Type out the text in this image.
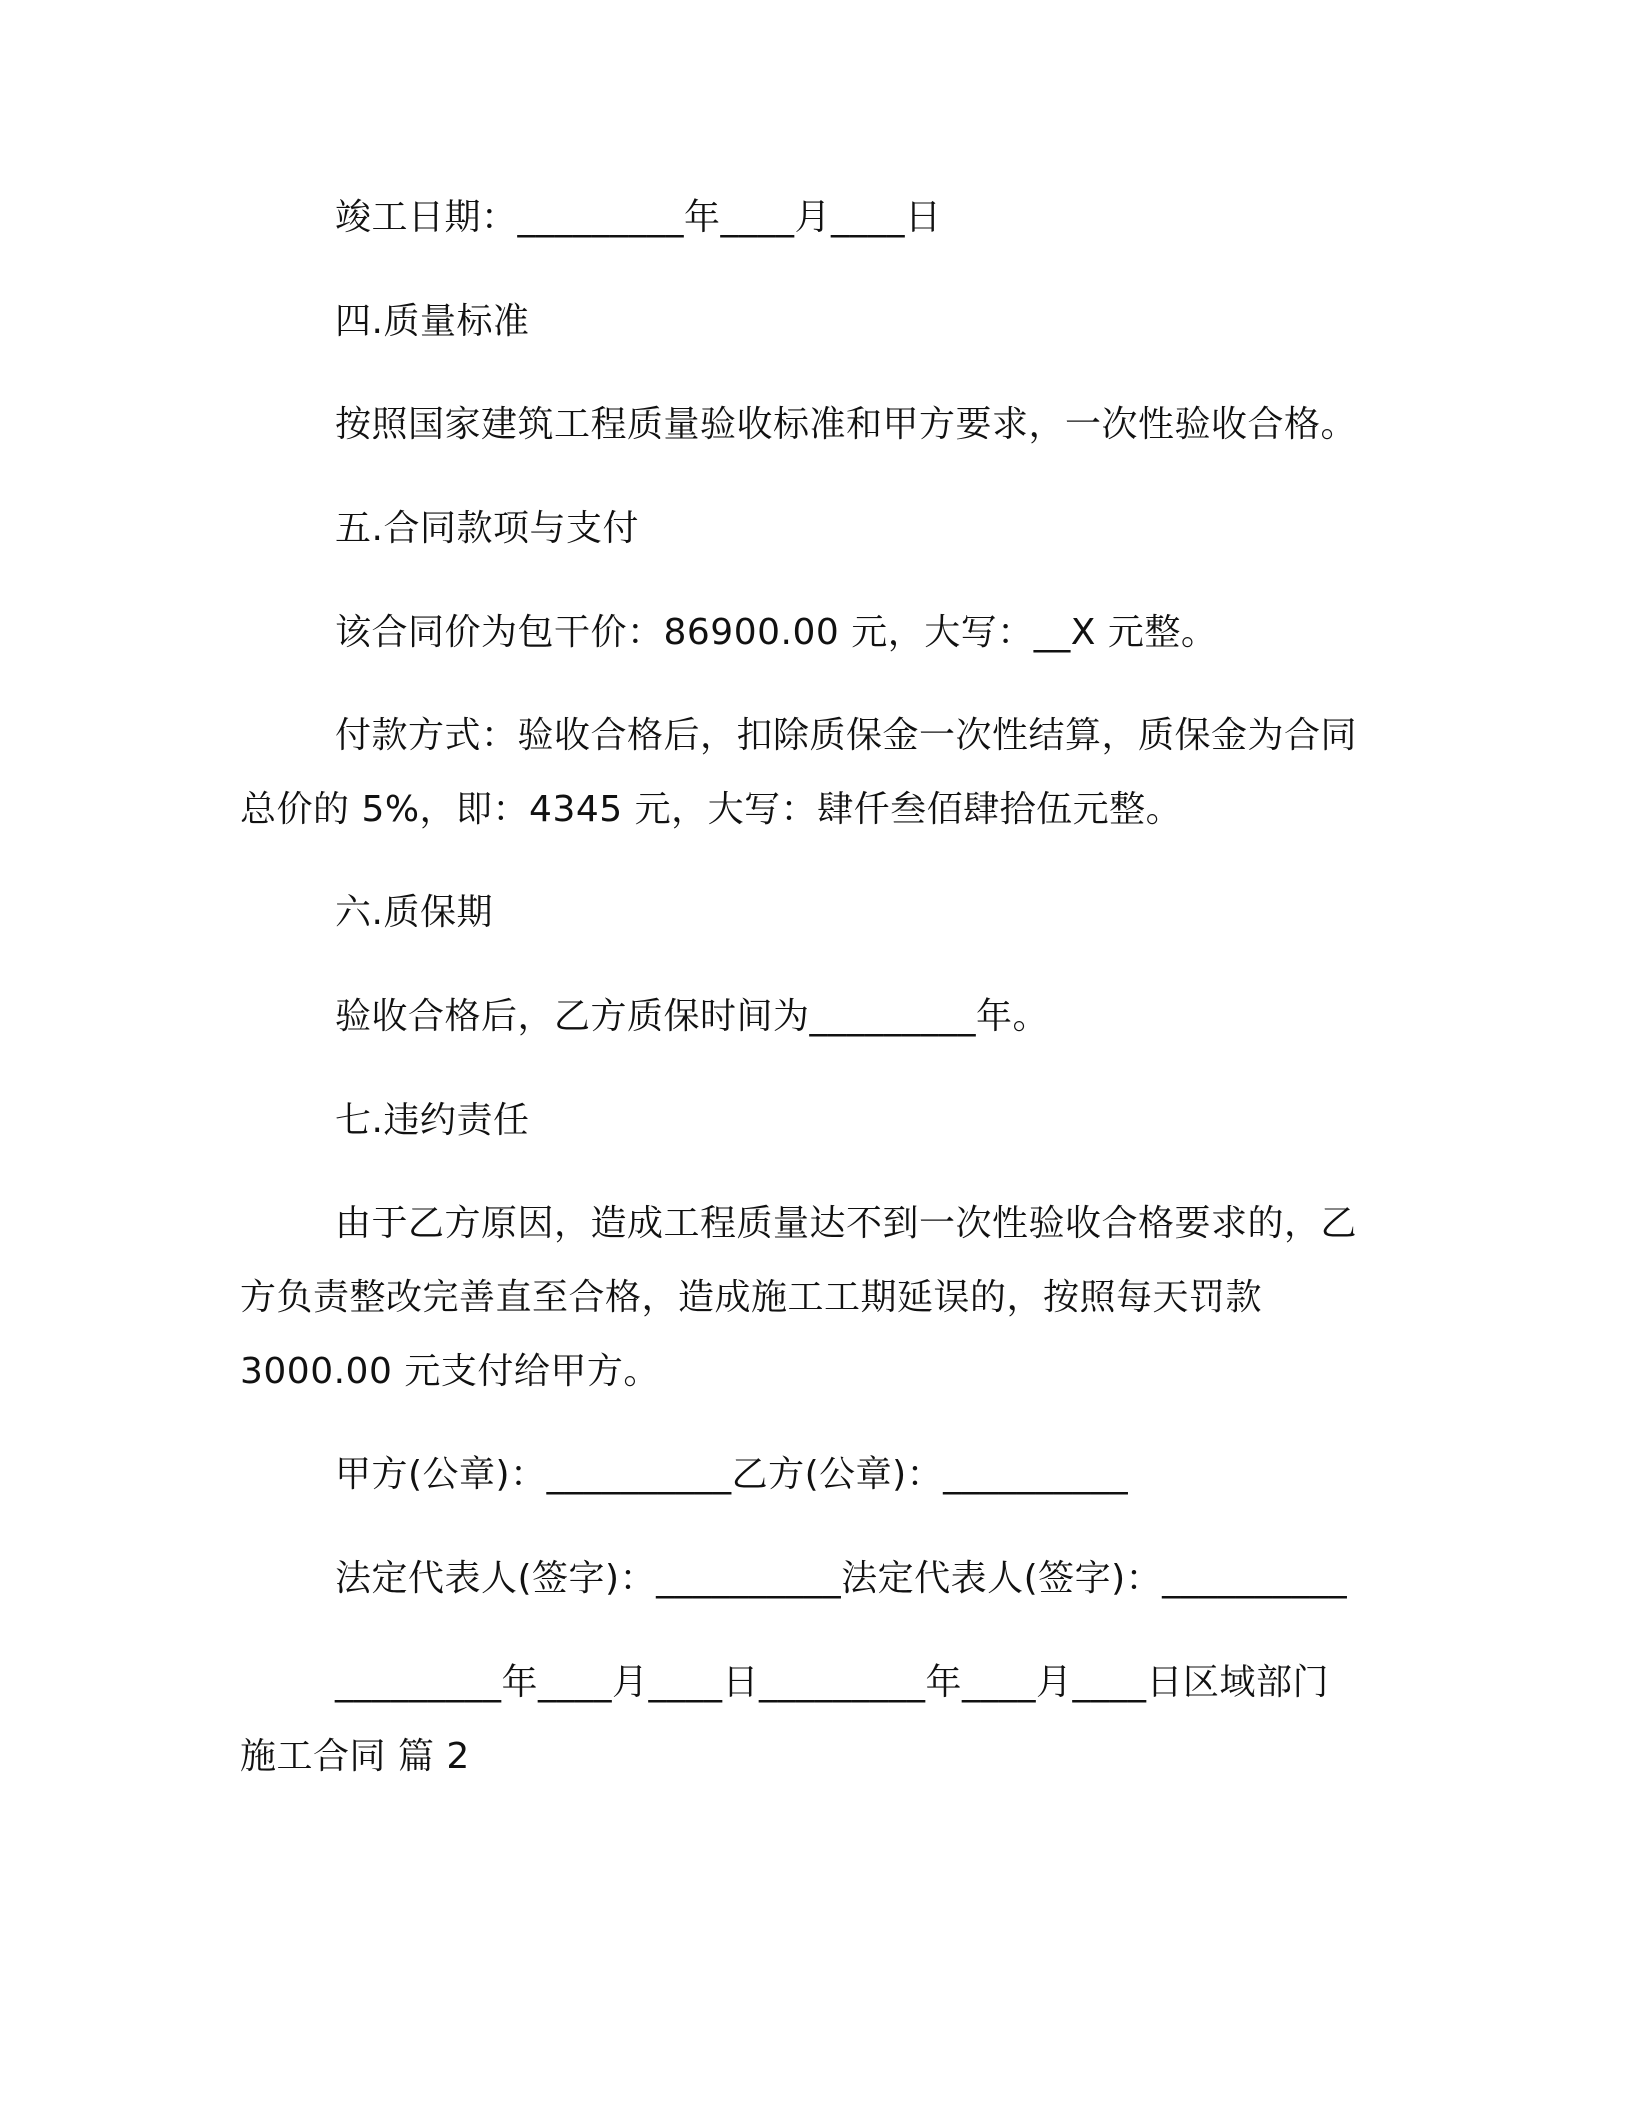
竣工日期：_________年____月____日
四.质量标准
按照国家建筑工程质量验收标准和甲方要求，一次性验收合格。
五.合同款项与支付
该合同价为包干价：86900.00 元，大写：__X 元整。
付款方式：验收合格后，扣除质保金一次性结算，质保金为合同
总价的 5%，即：4345 元，大写：肆仟叁佰肆拾伍元整。
六.质保期
验收合格后，乙方质保时间为_________年。
七.违约责任
由于乙方原因，造成工程质量达不到一次性验收合格要求的，乙
方负责整改完善直至合格，造成施工工期延误的，按照每天罚款
3000.00 元支付给甲方。
甲方(公章)：__________乙方(公章)：__________
法定代表人(签字)：__________法定代表人(签字)：__________
_________年____月____日_________年____月____日区域部门
施工合同 篇 2
